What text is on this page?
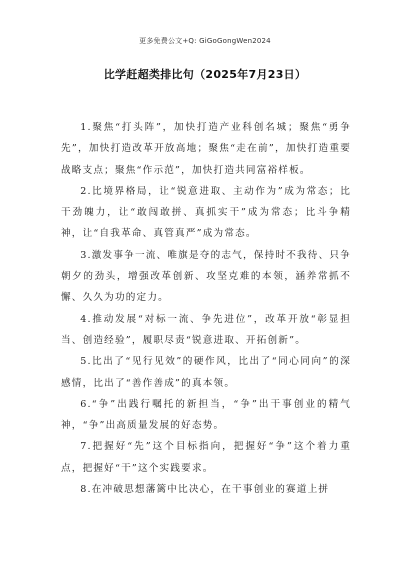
更多免费公文+Q: GiGoGongWen2024
比学赶超类排比句（2025年7月23日）

1.聚焦“打头阵”，加快打造产业科创名城；聚焦“勇争先”，加快打造改革开放高地；聚焦“走在前”，加快打造重要战略支点；聚焦“作示范”，加快打造共同富裕样板。

2.比境界格局，让“锐意进取、主动作为”成为常态；比干劲魄力，让“敢闯敢拼、真抓实干”成为常态；比斗争精神，让“自我革命、真管真严”成为常态。

3.激发事争一流、唯旗是夺的志气，保持时不我待、只争朝夕的劲头，增强改革创新、攻坚克难的本领，涵养常抓不懈、久久为功的定力。

4.推动发展“对标一流、争先进位”，改革开放“彰显担当、创造经验”，履职尽责“锐意进取、开拓创新”。

5.比出了“见行见效”的硬作风，比出了“同心同向”的深感情，比出了“善作善成”的真本领。

6.“争”出践行嘱托的新担当，“争”出干事创业的精气神，“争”出高质量发展的好态势。

7.把握好“先”这个目标指向，把握好“争”这个着力重点，把握好“干”这个实践要求。

8.在冲破思想藩篱中比决心，在干事创业的赛道上拼
